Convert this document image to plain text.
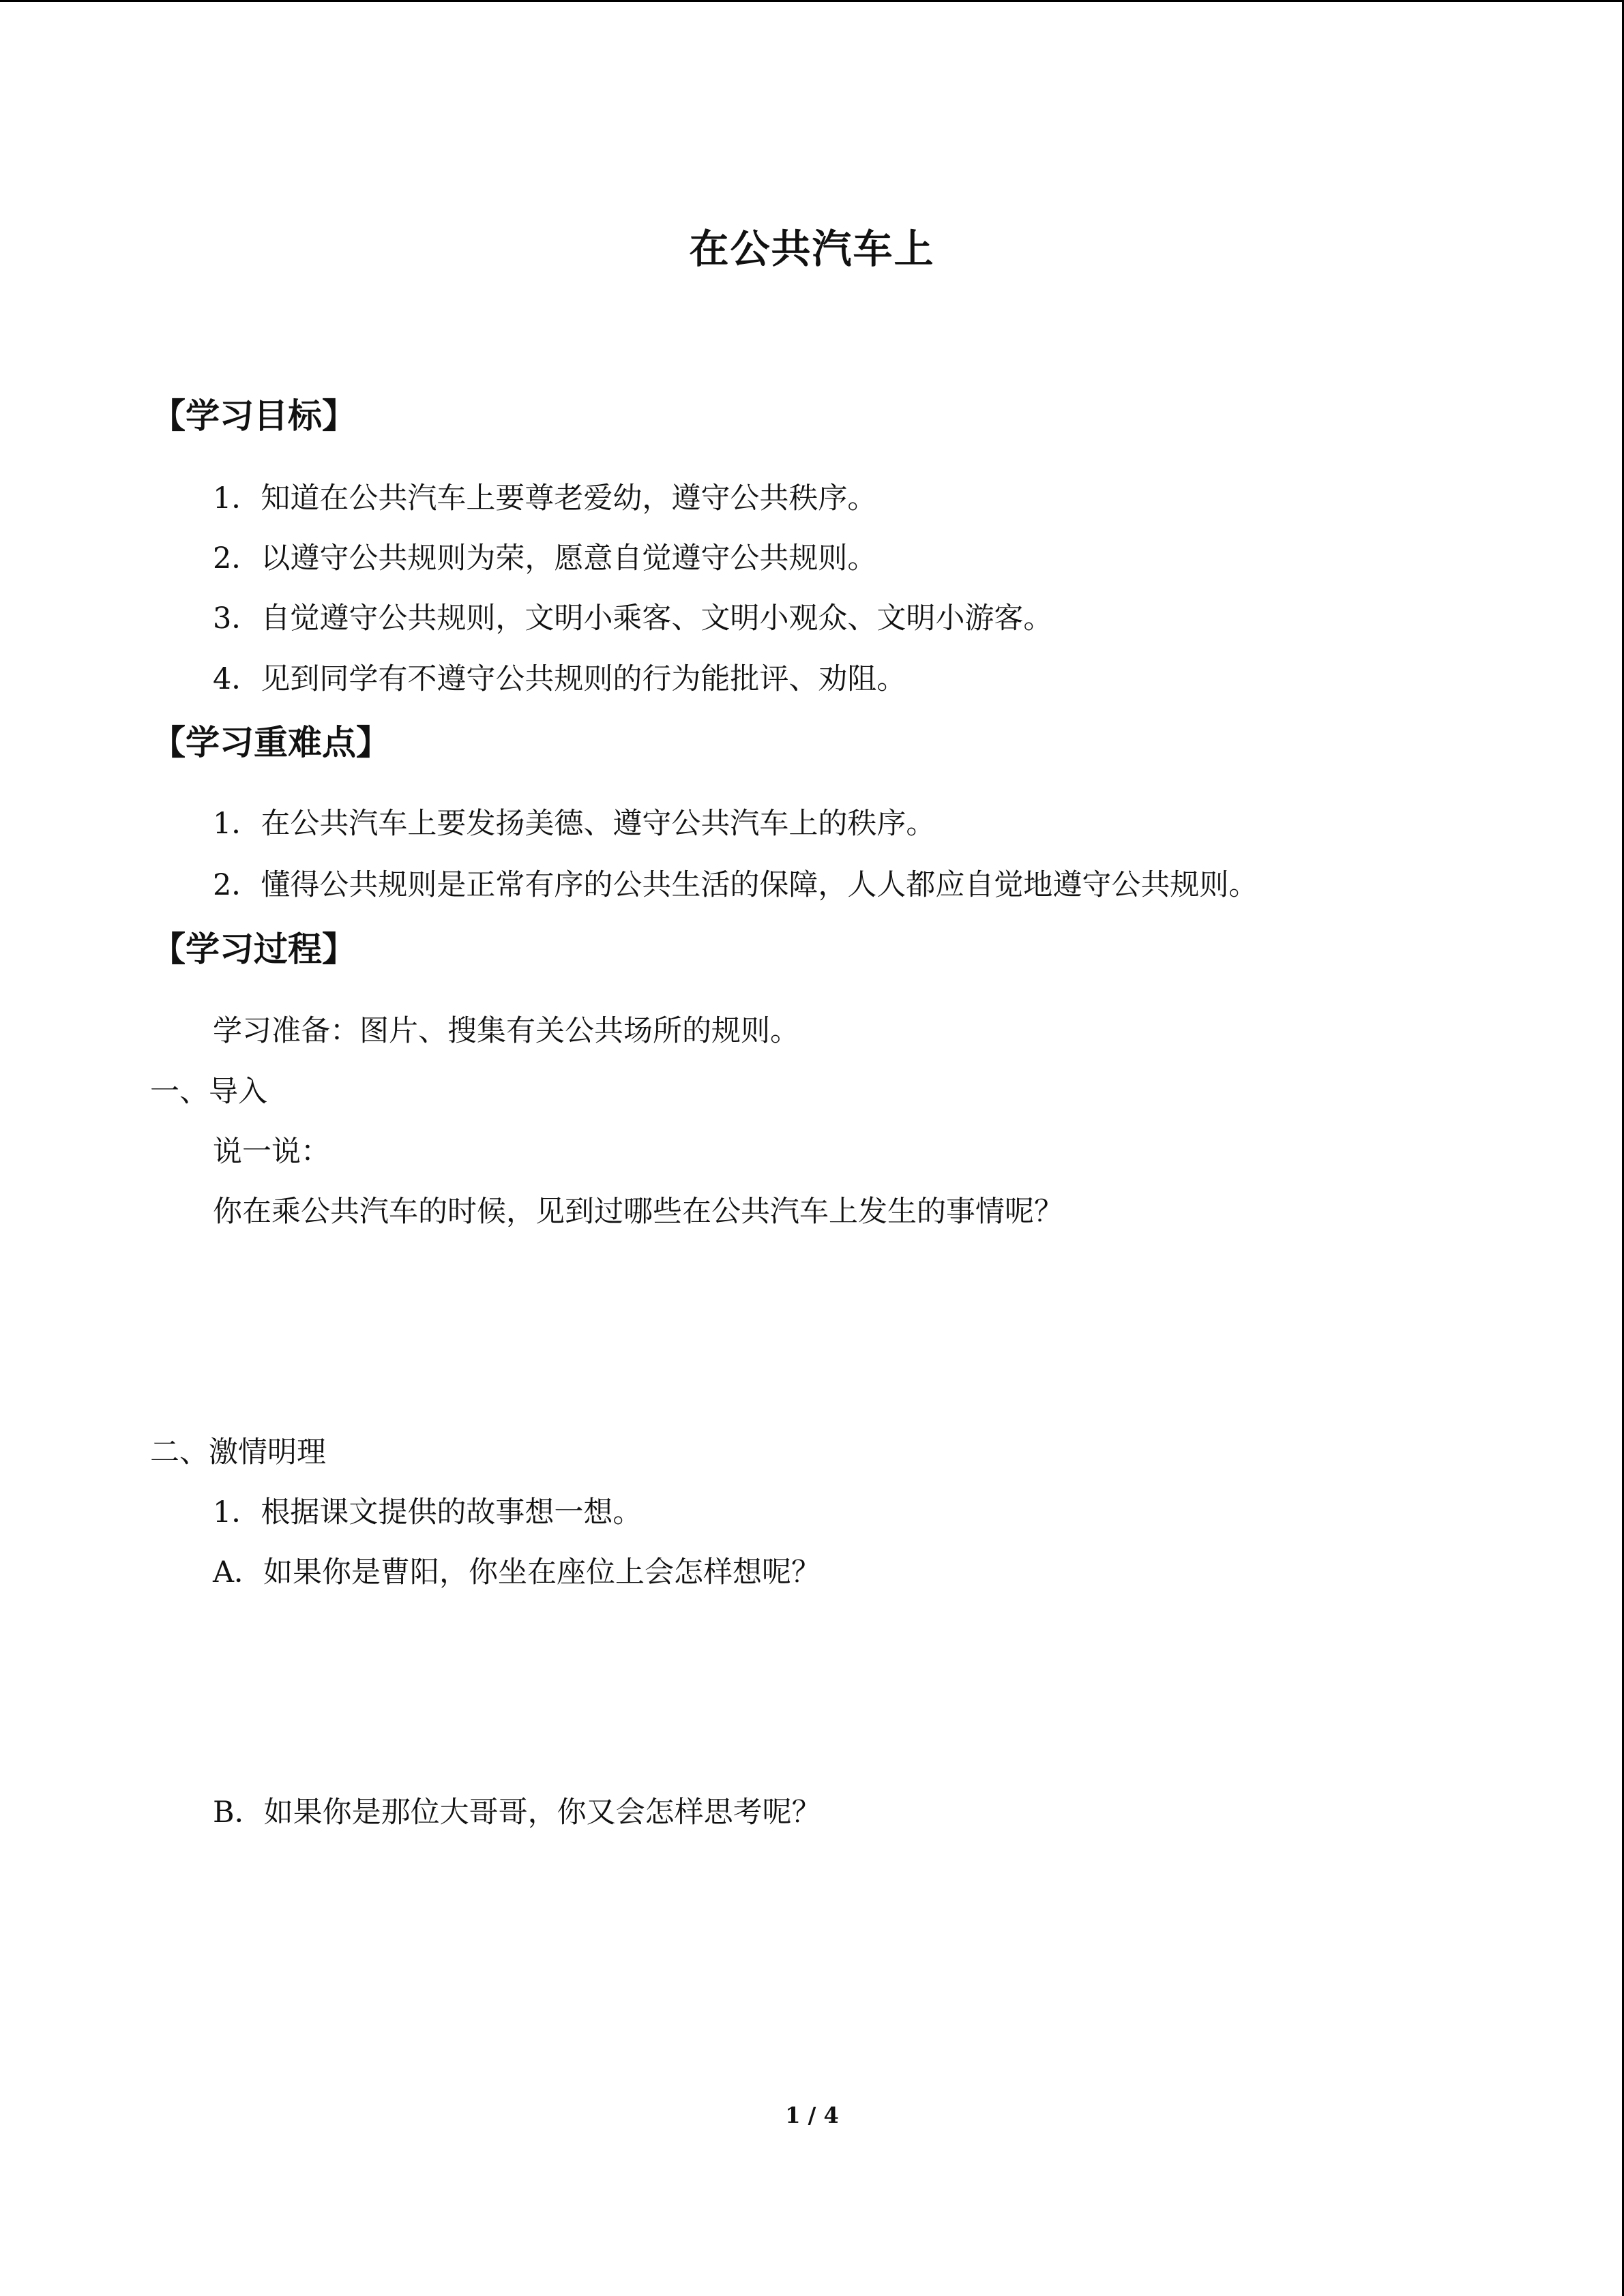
在公共汽车上
【学习目标】
1．知道在公共汽车上要尊老爱幼，遵守公共秩序。
2．以遵守公共规则为荣，愿意自觉遵守公共规则。
3．自觉遵守公共规则，文明小乘客、文明小观众、文明小游客。
4．见到同学有不遵守公共规则的行为能批评、劝阻。
【学习重难点】
1．在公共汽车上要发扬美德、遵守公共汽车上的秩序。
2．懂得公共规则是正常有序的公共生活的保障，人人都应自觉地遵守公共规则。
【学习过程】
学习准备：图片、搜集有关公共场所的规则。
一、导入
说一说：
你在乘公共汽车的时候，见到过哪些在公共汽车上发生的事情呢？
二、激情明理
1．根据课文提供的故事想一想。
A．如果你是曹阳，你坐在座位上会怎样想呢？
B．如果你是那位大哥哥，你又会怎样思考呢？
1 / 4
